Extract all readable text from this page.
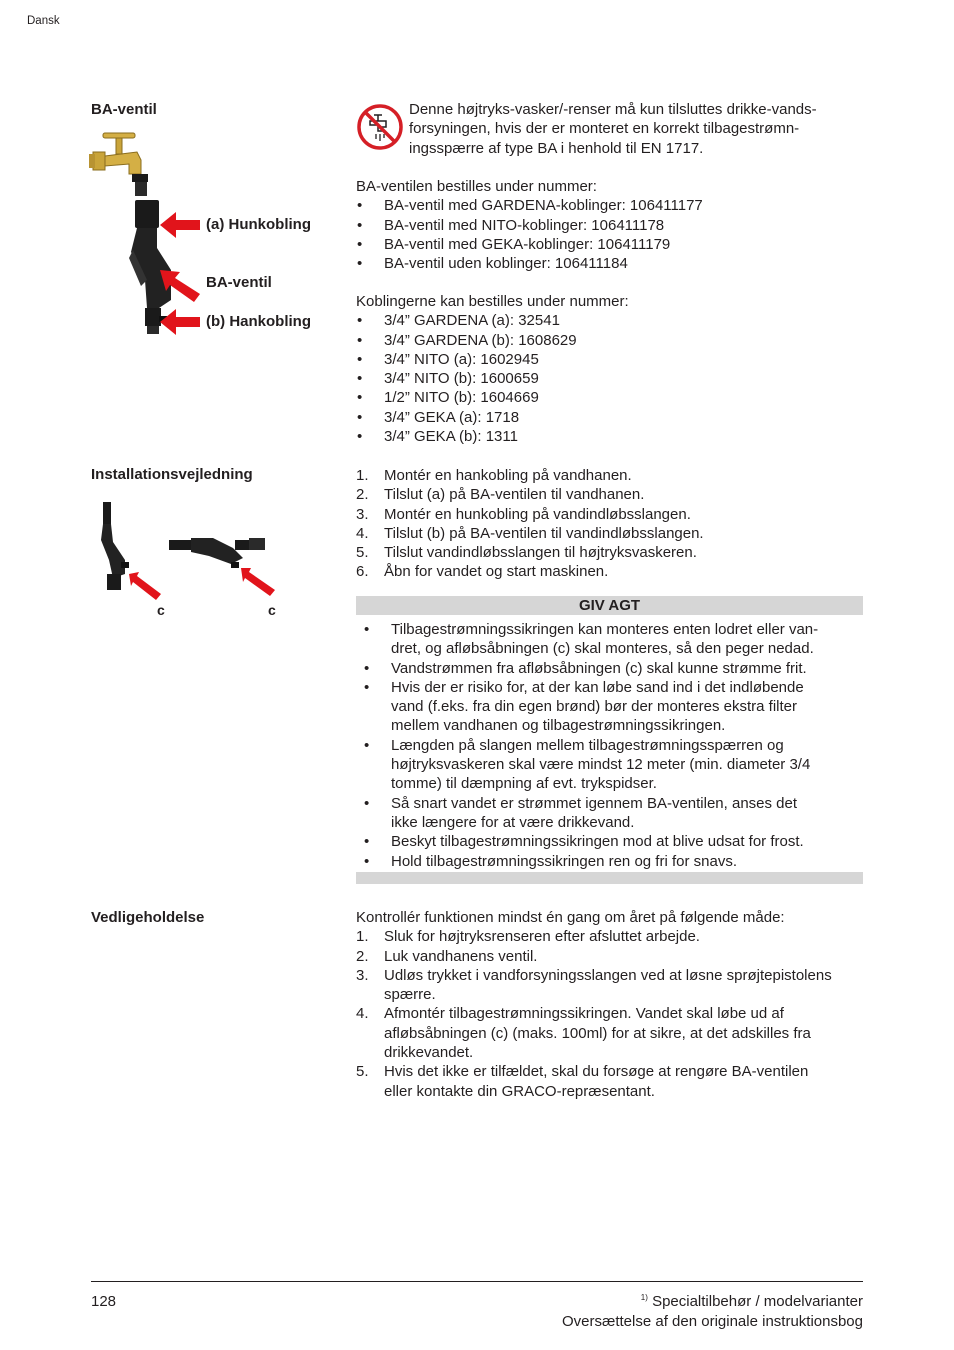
Dansk
BA-ventil
Installationsvejledning
Vedligeholdelse
(a) Hunkobling
BA-ventil
(b) Hankobling
c	c
Denne højtryks-vasker/-renser må kun tilsluttes drikke-vands-
forsyningen, hvis der er monteret en korrekt tilbagestrømn-
ingsspærre af type BA i henhold til EN 1717.
BA-ventilen bestilles under nummer:
• BA-ventil med GARDENA-koblinger: 106411177
• BA-ventil med NITO-koblinger: 106411178
• BA-ventil med GEKA-koblinger: 106411179
• BA-ventil uden koblinger: 106411184
Koblingerne kan bestilles under nummer:
• 3/4” GARDENA (a): 32541
• 3/4” GARDENA (b): 1608629
• 3/4” NITO (a): 1602945
• 3/4” NITO (b): 1600659
• 1/2” NITO (b): 1604669
• 3/4” GEKA (a): 1718
• 3/4” GEKA (b): 1311
1. Montér en hankobling på vandhanen.
2. Tilslut (a) på BA-ventilen til vandhanen.
3. Montér en hunkobling på vandindløbsslangen.
4. Tilslut (b) på BA-ventilen til vandindløbsslangen.
5. Tilslut vandindløbsslangen til højtryksvaskeren.
6. Åbn for vandet og start maskinen.
GIV AGT
• Tilbagestrømningssikringen kan monteres enten lodret eller van-
dret, og afløbsåbningen (c) skal monteres, så den peger nedad.
• Vandstrømmen fra afløbsåbningen (c) skal kunne strømme frit.
• Hvis der er risiko for, at der kan løbe sand ind i det indløbende
vand (f.eks. fra din egen brønd) bør der monteres ekstra filter
mellem vandhanen og tilbagestrømningssikringen.
• Længden på slangen mellem tilbagestrømningsspærren og
højtryksvaskeren skal være mindst 12 meter (min. diameter 3/4
tomme) til dæmpning af evt. trykspidser.
• Så snart vandet er strømmet igennem BA-ventilen, anses det
ikke længere for at være drikkevand.
• Beskyt tilbagestrømningssikringen mod at blive udsat for frost.
• Hold tilbagestrømningssikringen ren og fri for snavs.
Kontrollér funktionen mindst én gang om året på følgende måde:
1. Sluk for højtryksrenseren efter afsluttet arbejde.
2. Luk vandhanens ventil.
3. Udløs trykket i vandforsyningsslangen ved at løsne sprøjtepistolens
spærre.
4. Afmontér tilbagestrømningssikringen. Vandet skal løbe ud af
afløbsåbningen (c) (maks. 100ml) for at sikre, at det adskilles fra
drikkevandet.
5. Hvis det ikke er tilfældet, skal du forsøge at rengøre BA-ventilen
eller kontakte din GRACO-repræsentant.
128	$^{1)}$ Specialtilbehør / modelvarianter
Oversættelse af den originale instruktionsbog
